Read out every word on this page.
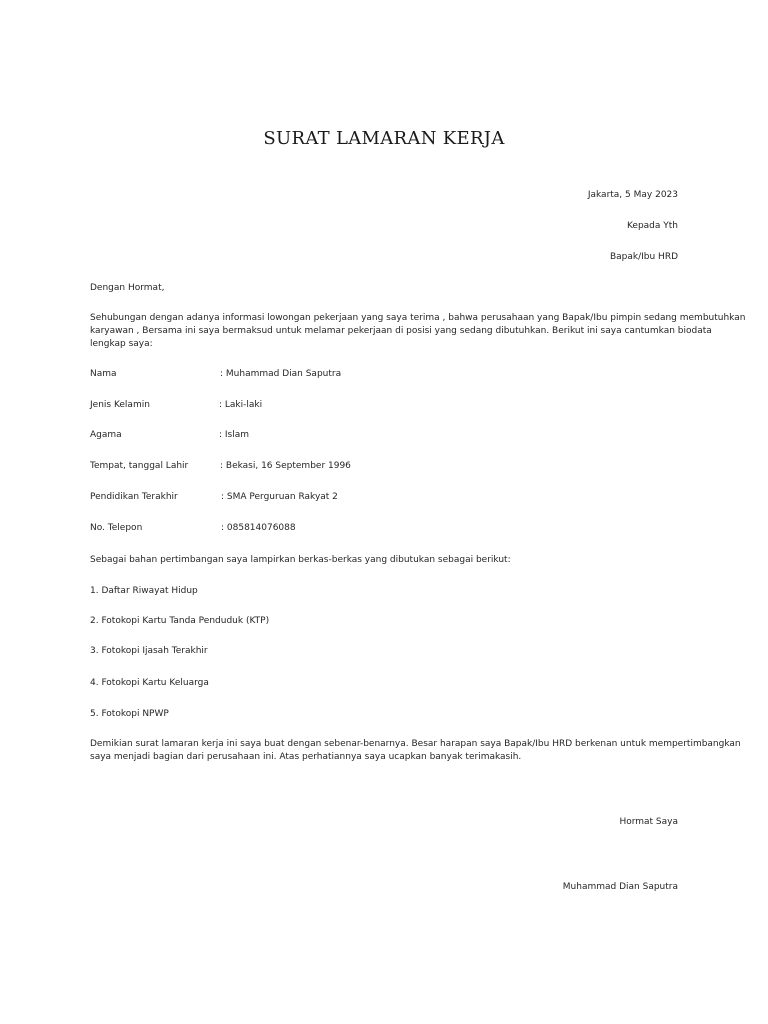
SURAT LAMARAN KERJA
Jakarta, 5 May 2023
Kepada Yth
Bapak/Ibu HRD
Dengan Hormat,
Sehubungan dengan adanya informasi lowongan pekerjaan yang saya terima , bahwa perusahaan yang Bapak/Ibu pimpin sedang membutuhkan
karyawan , Bersama ini saya bermaksud untuk melamar pekerjaan di posisi yang sedang dibutuhkan. Berikut ini saya cantumkan biodata
lengkap saya:
Nama	: Muhammad Dian Saputra
Jenis Kelamin	: Laki-laki
Agama	: Islam
Tempat, tanggal Lahir	: Bekasi, 16 September 1996
Pendidikan Terakhir	: SMA Perguruan Rakyat 2
No. Telepon	: 085814076088
Sebagai bahan pertimbangan saya lampirkan berkas-berkas yang dibutukan sebagai berikut:
1. Daftar Riwayat Hidup
2. Fotokopi Kartu Tanda Penduduk (KTP)
3. Fotokopi Ijasah Terakhir
4. Fotokopi Kartu Keluarga
5. Fotokopi NPWP
Demikian surat lamaran kerja ini saya buat dengan sebenar-benarnya. Besar harapan saya Bapak/Ibu HRD berkenan untuk mempertimbangkan
saya menjadi bagian dari perusahaan ini. Atas perhatiannya saya ucapkan banyak terimakasih.
Hormat Saya
Muhammad Dian Saputra
